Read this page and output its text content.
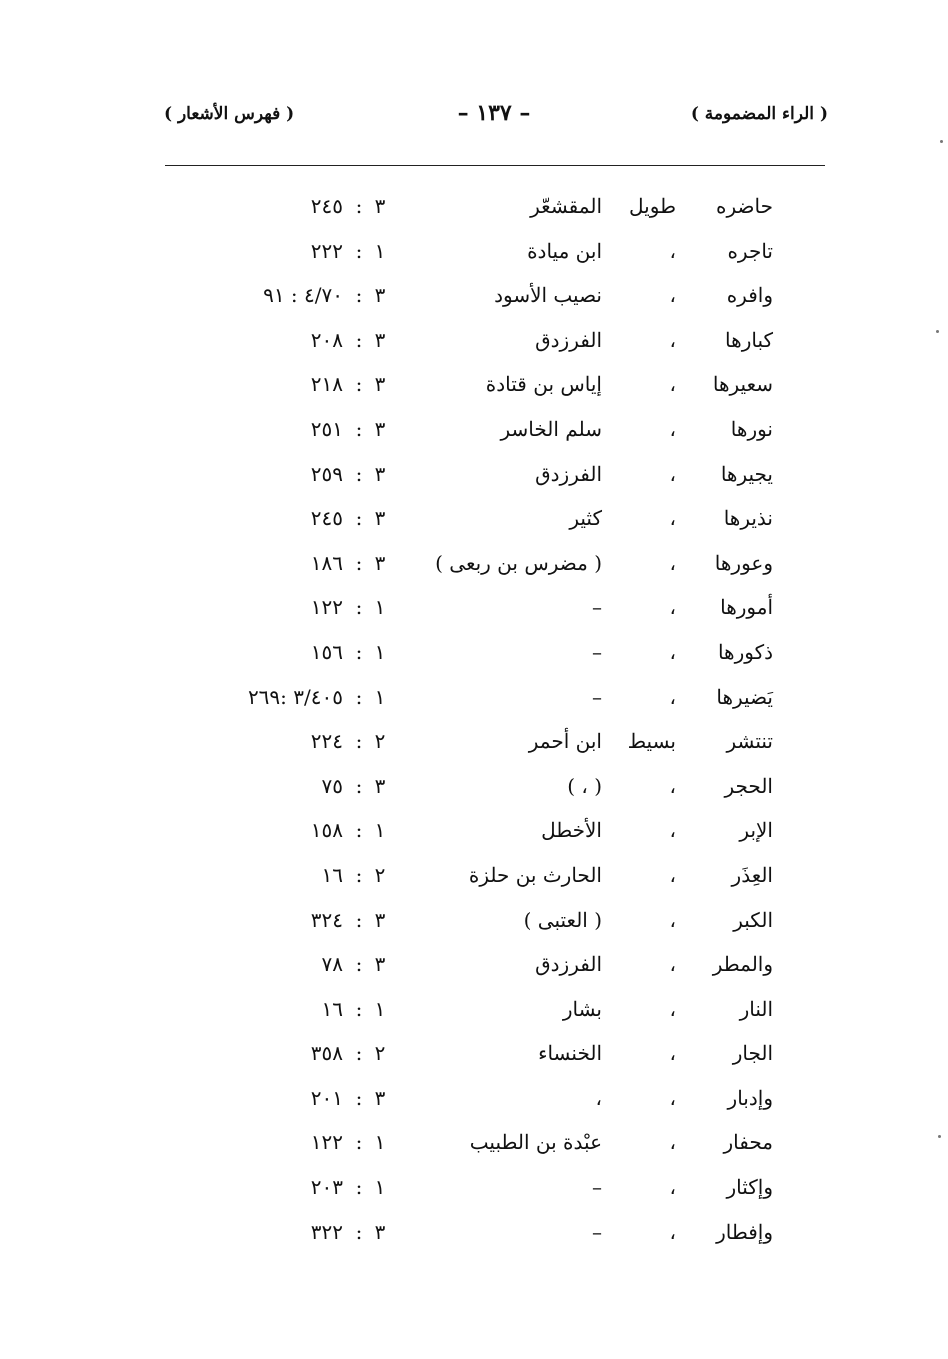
( الراء المضمومة )
– ١٣٧ –
( فهرس الأشعار )
حاضره
طويل
المقشعّر
٣
:
٢٤٥
تاجره
،
ابن ميادة
١
:
٢٢٢
وافره
،
نصيب الأسود
٣
:
٤/٧٠ : ٩١
كبارها
،
الفرزدق
٣
:
٢٠٨
سعيرها
،
إياس بن قتادة
٣
:
٢١٨
نورها
،
سلم الخاسر
٣
:
٢٥١
يجيرها
،
الفرزدق
٣
:
٢٥٩
نذيرها
،
كثير
٣
:
٢٤٥
وعورها
،
( مضرس بن ربعى )
٣
:
١٨٦
أمورها
،
–
١
:
١٢٢
ذكورها
،
–
١
:
١٥٦
يَضيرها
،
–
١
:
٣/٤٠٥ :٢٦٩
تنتشر
بسيط
ابن أحمر
٢
:
٢٢٤
الحجر
،
( ، )
٣
:
٧٥
الإبر
،
الأخطل
١
:
١٥٨
العِذَر
،
الحارث بن حلزة
٢
:
١٦
الكبر
،
( العتبى )
٣
:
٣٢٤
والمطر
،
الفرزدق
٣
:
٧٨
النار
،
بشار
١
:
١٦
الجار
،
الخنساء
٢
:
٣٥٨
وإدبار
،
،
٣
:
٢٠١
محفار
،
عبْدة بن الطبيب
١
:
١٢٢
وإكثار
،
–
١
:
٢٠٣
وإفطار
،
–
٣
:
٣٢٢
